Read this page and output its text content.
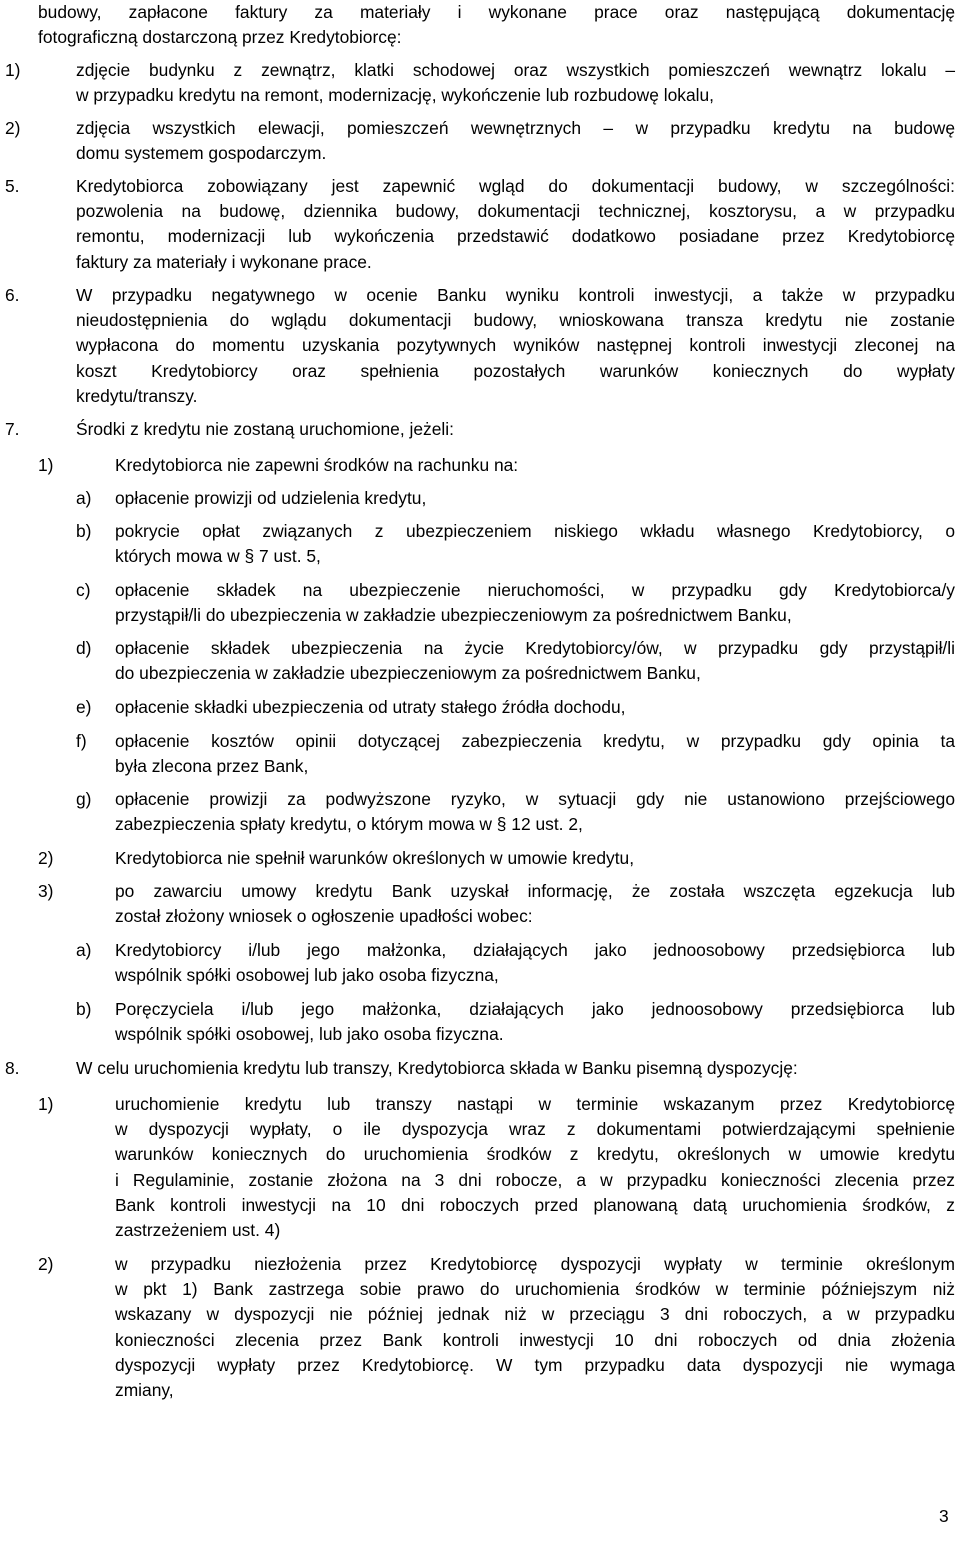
budowy, zapłacone faktury za materiały i wykonane prace oraz następującą dokumentację

fotograficzną dostarczoną przez Kredytobiorcę:

1)	zdjęcie budynku z zewnątrz, klatki schodowej oraz wszystkich pomieszczeń wewnątrz lokalu –

w przypadku kredytu na remont, modernizację, wykończenie lub rozbudowę lokalu,

2)	zdjęcia wszystkich elewacji, pomieszczeń wewnętrznych – w przypadku kredytu na budowę

domu systemem gospodarczym.

5.	Kredytobiorca zobowiązany jest zapewnić wgląd do dokumentacji budowy, w szczególności:

pozwolenia na budowę, dziennika budowy, dokumentacji technicznej, kosztorysu, a w przypadku

remontu, modernizacji lub wykończenia przedstawić dodatkowo posiadane przez Kredytobiorcę

faktury za materiały i wykonane prace.

6.	W przypadku negatywnego w ocenie Banku wyniku kontroli inwestycji, a także w przypadku

nieudostępnienia do wglądu dokumentacji budowy, wnioskowana transza kredytu nie zostanie

wypłacona do momentu uzyskania pozytywnych wyników następnej kontroli inwestycji zleconej na

koszt Kredytobiorcy oraz spełnienia pozostałych warunków koniecznych do wypłaty

kredytu/transzy.

7.	Środki z kredytu nie zostaną uruchomione, jeżeli:

1)	Kredytobiorca nie zapewni środków na rachunku na:

a) opłacenie prowizji od udzielenia kredytu,

b) pokrycie opłat związanych z ubezpieczeniem niskiego wkładu własnego Kredytobiorcy, o

których mowa w § 7 ust. 5,

c) opłacenie składek na ubezpieczenie nieruchomości, w przypadku gdy Kredytobiorca/y

przystąpił/li do ubezpieczenia w zakładzie ubezpieczeniowym za pośrednictwem Banku,

d) opłacenie składek ubezpieczenia na życie Kredytobiorcy/ów, w przypadku gdy przystąpił/li

do ubezpieczenia w zakładzie ubezpieczeniowym za pośrednictwem Banku,

e) opłacenie składki ubezpieczenia od utraty stałego źródła dochodu,

f) opłacenie kosztów opinii dotyczącej zabezpieczenia kredytu, w przypadku gdy opinia ta

była zlecona przez Bank,

g) opłacenie prowizji za podwyższone ryzyko, w sytuacji gdy nie ustanowiono przejściowego

zabezpieczenia spłaty kredytu, o którym mowa w § 12 ust. 2,

2)	Kredytobiorca nie spełnił warunków określonych w umowie kredytu,

3)	po zawarciu umowy kredytu Bank uzyskał informację, że została wszczęta egzekucja lub

został złożony wniosek o ogłoszenie upadłości wobec:

a) Kredytobiorcy i/lub jego małżonka, działających jako jednoosobowy przedsiębiorca lub

wspólnik spółki osobowej lub jako osoba fizyczna,

b) Poręczyciela i/lub jego małżonka, działających jako jednoosobowy przedsiębiorca lub

wspólnik spółki osobowej, lub jako osoba fizyczna.

8.	W celu uruchomienia kredytu lub transzy, Kredytobiorca składa w Banku pisemną dyspozycję:

1)	uruchomienie kredytu lub transzy nastąpi w terminie wskazanym przez Kredytobiorcę

w dyspozycji wypłaty, o ile dyspozycja wraz z dokumentami potwierdzającymi spełnienie

warunków koniecznych do uruchomienia środków z kredytu, określonych w umowie kredytu

i Regulaminie, zostanie złożona na 3 dni robocze, a w przypadku konieczności zlecenia przez

Bank kontroli inwestycji na 10 dni roboczych przed planowaną datą uruchomienia środków, z

zastrzeżeniem ust. 4)

2)	w przypadku niezłożenia przez Kredytobiorcę dyspozycji wypłaty w terminie określonym

w pkt 1) Bank zastrzega sobie prawo do uruchomienia środków w terminie późniejszym niż

wskazany w dyspozycji nie później jednak niż w przeciągu 3 dni roboczych, a w przypadku

konieczności zlecenia przez Bank kontroli inwestycji 10 dni roboczych od dnia złożenia

dyspozycji wypłaty przez Kredytobiorcę. W tym przypadku data dyspozycji nie wymaga

zmiany,

3
